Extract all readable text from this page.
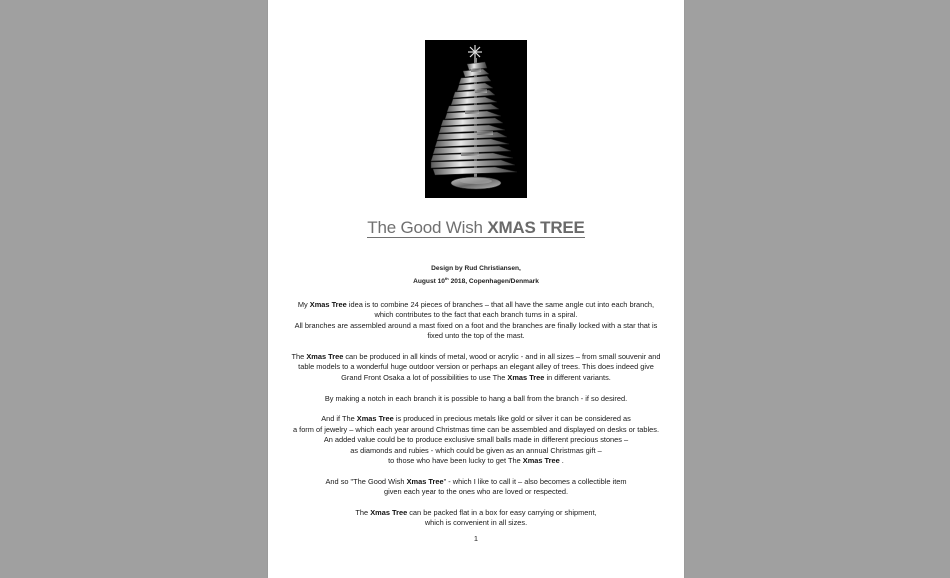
The Good Wish XMAS TREE
Design by Rud Christiansen,
August 10th 2018, Copenhagen/Denmark

My Xmas Tree idea is to combine 24 pieces of branches – that all have the same angle cut into each branch, which contributes to the fact that each branch turns in a spiral.
All branches are assembled around a mast fixed on a foot and the branches are finally locked with a star that is fixed unto the top of the mast.

The Xmas Tree can be produced in all kinds of metal, wood or acrylic - and in all sizes – from small souvenir and table models to a wonderful huge outdoor version or perhaps an elegant alley of trees. This does indeed give Grand Front Osaka a lot of possibilities to use The Xmas Tree in different variants.

By making a notch in each branch it is possible to hang a ball from the branch - if so desired.

And if The Xmas Tree is produced in precious metals like gold or silver it can be considered as
a form of jewelry – which each year around Christmas time can be assembled and displayed on desks or tables. An added value could be to produce exclusive small balls made in different precious stones –
as diamonds and rubies - which could be given as an annual Christmas gift –
to those who have been lucky to get The Xmas Tree .

And so "The Good Wish Xmas Tree" - which I like to call it – also becomes a collectible item
given each year to the ones who are loved or respected.

The Xmas Tree can be packed flat in a box for easy carrying or shipment,
which is convenient in all sizes.

1
